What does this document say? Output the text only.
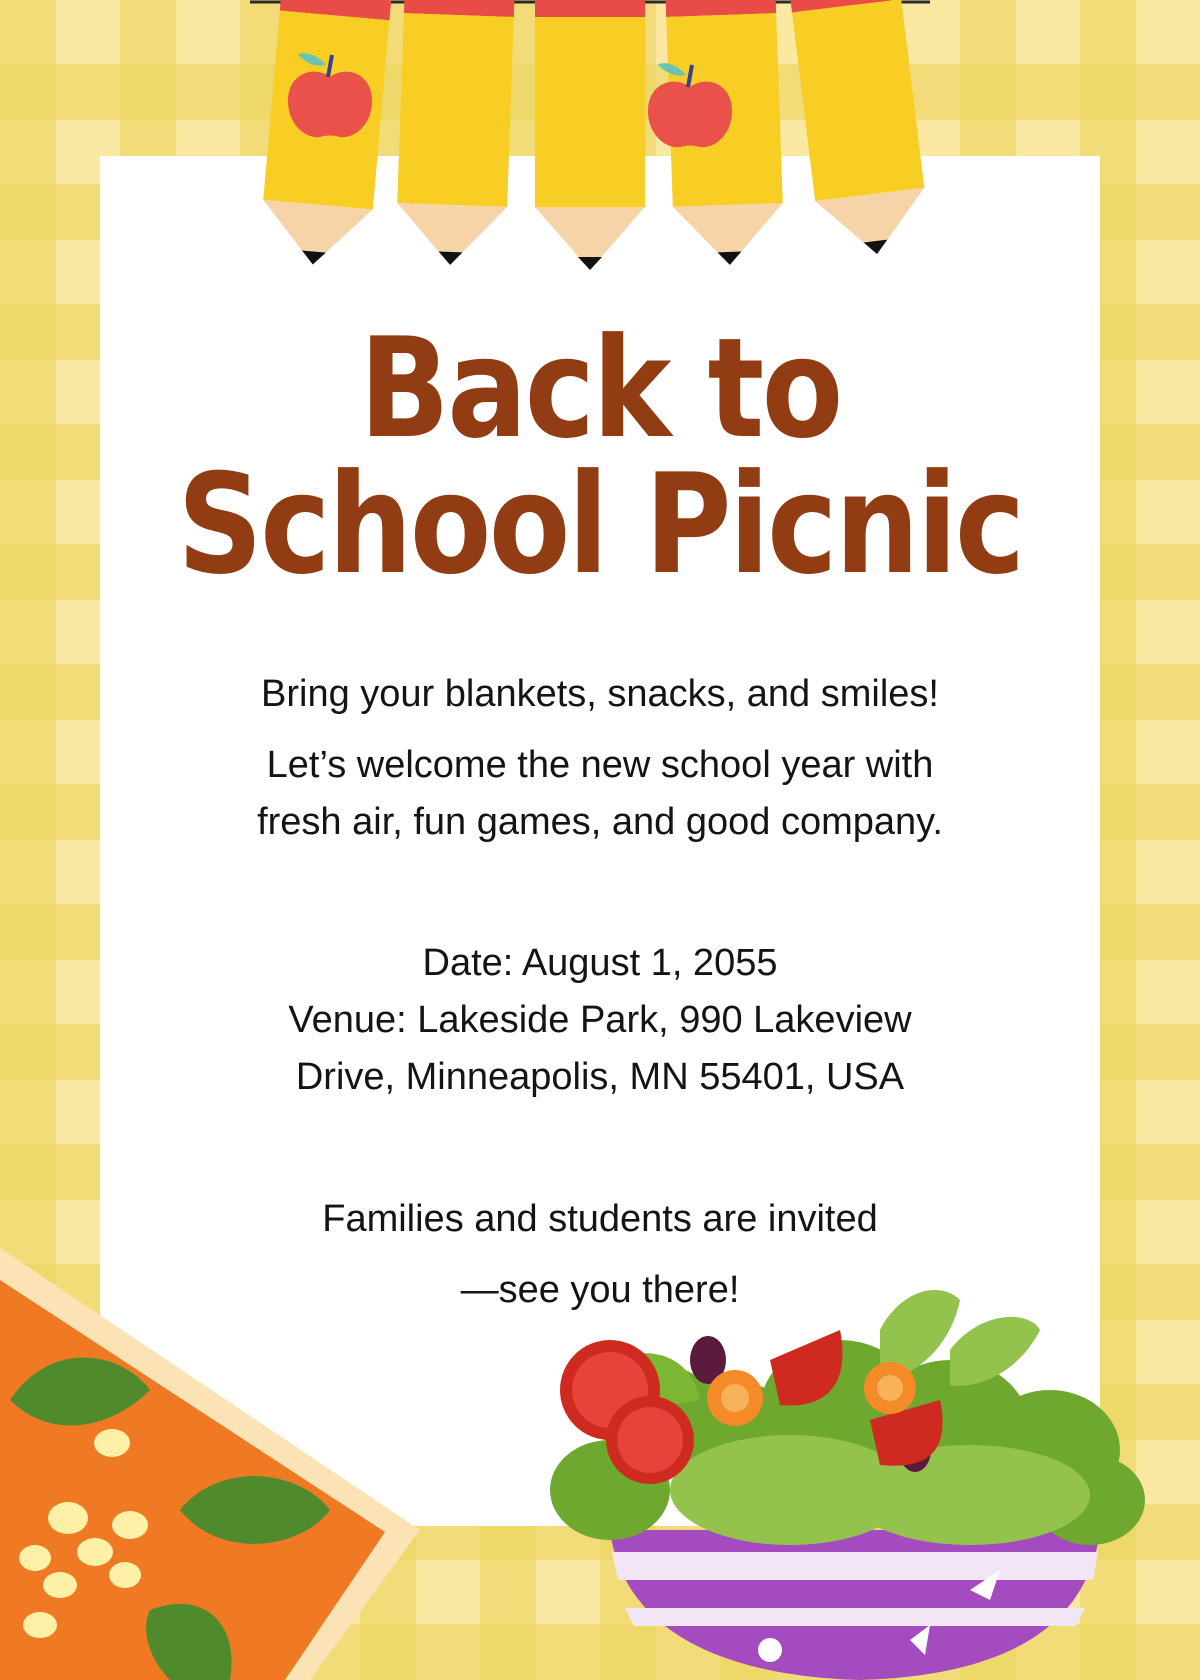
Back to
School Picnic
Bring your blankets, snacks, and smiles!
Let’s welcome the new school year with
fresh air, fun games, and good company.
Date: August 1, 2055
Venue: Lakeside Park, 990 Lakeview
Drive, Minneapolis, MN 55401, USA
Families and students are invited
—see you there!
